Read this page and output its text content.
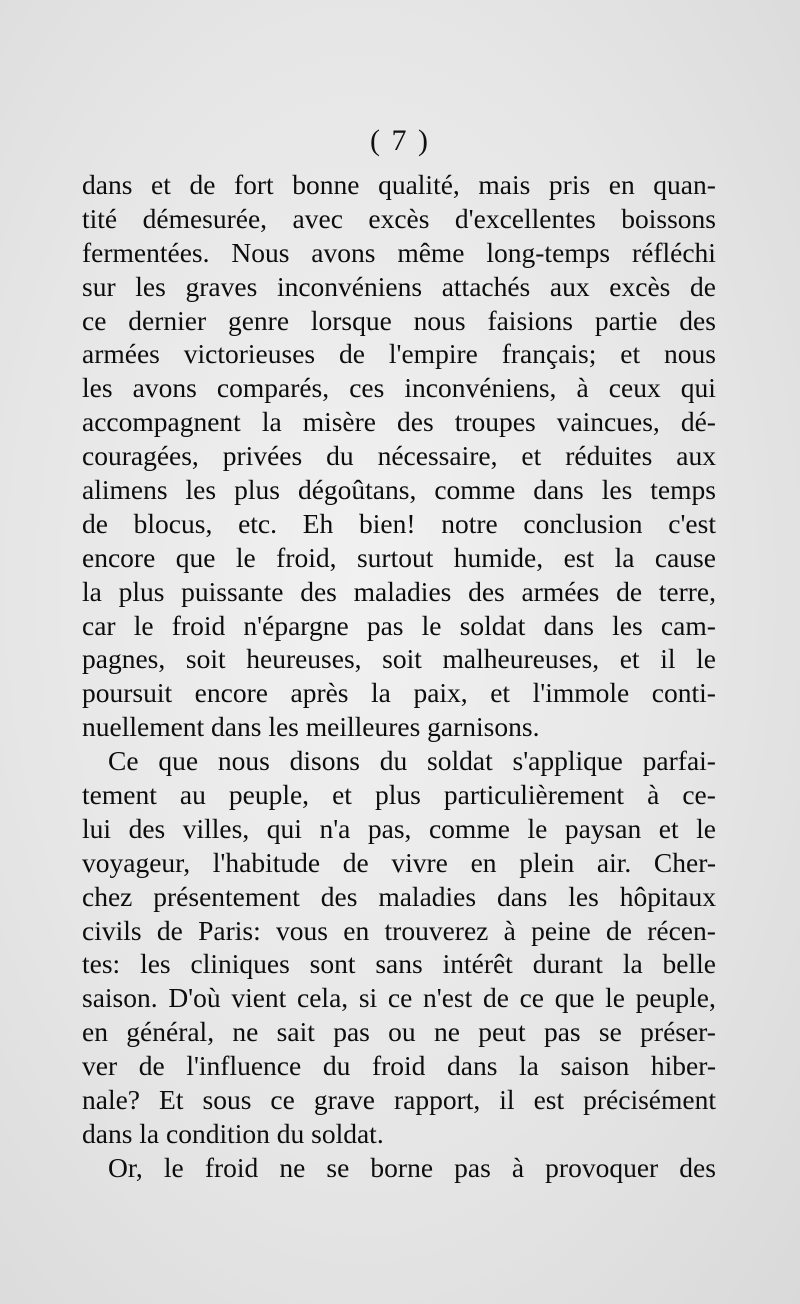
( 7 )
dans et de fort bonne qualité, mais pris en quan-
tité démesurée, avec excès d'excellentes boissons
fermentées. Nous avons même long-temps réfléchi
sur les graves inconvéniens attachés aux excès de
ce dernier genre lorsque nous faisions partie des
armées victorieuses de l'empire français; et nous
les avons comparés, ces inconvéniens, à ceux qui
accompagnent la misère des troupes vaincues, dé-
couragées, privées du nécessaire, et réduites aux
alimens les plus dégoûtans, comme dans les temps
de blocus, etc. Eh bien! notre conclusion c'est
encore que le froid, surtout humide, est la cause
la plus puissante des maladies des armées de terre,
car le froid n'épargne pas le soldat dans les cam-
pagnes, soit heureuses, soit malheureuses, et il le
poursuit encore après la paix, et l'immole conti-
nuellement dans les meilleures garnisons.
Ce que nous disons du soldat s'applique parfai-
tement au peuple, et plus particulièrement à ce-
lui des villes, qui n'a pas, comme le paysan et le
voyageur, l'habitude de vivre en plein air. Cher-
chez présentement des maladies dans les hôpitaux
civils de Paris: vous en trouverez à peine de récen-
tes: les cliniques sont sans intérêt durant la belle
saison. D'où vient cela, si ce n'est de ce que le peuple,
en général, ne sait pas ou ne peut pas se préser-
ver de l'influence du froid dans la saison hiber-
nale? Et sous ce grave rapport, il est précisément
dans la condition du soldat.
Or, le froid ne se borne pas à provoquer des
